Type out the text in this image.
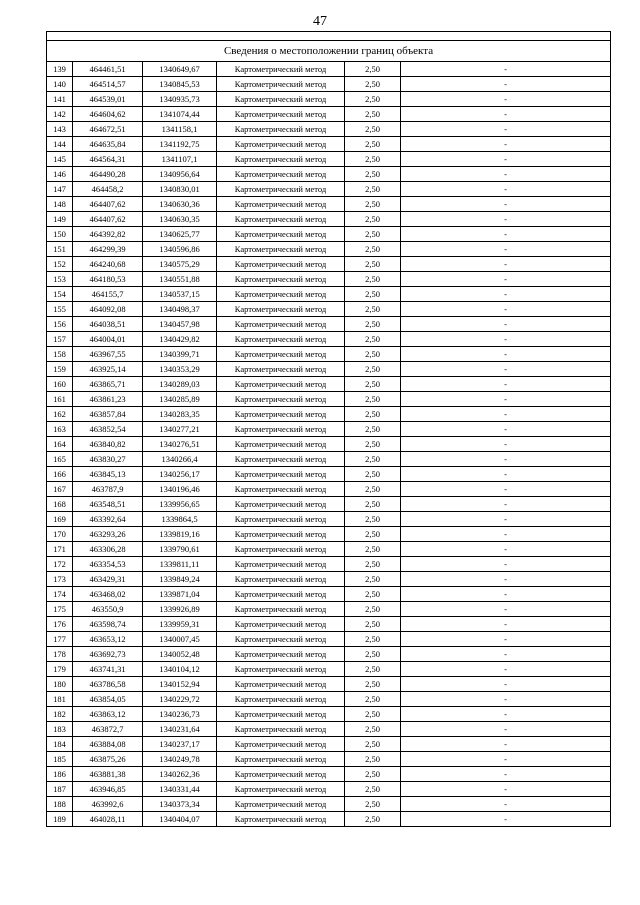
47

Сведения о местоположении границ объекта					
139	464461,51	1340649,67	Картометрический метод	2,50	-
140	464514,57	1340845,53	Картометрический метод	2,50	-
141	464539,01	1340935,73	Картометрический метод	2,50	-
142	464604,62	1341074,44	Картометрический метод	2,50	-
143	464672,51	1341158,1	Картометрический метод	2,50	-
144	464635,84	1341192,75	Картометрический метод	2,50	-
145	464564,31	1341107,1	Картометрический метод	2,50	-
146	464490,28	1340956,64	Картометрический метод	2,50	-
147	464458,2	1340830,01	Картометрический метод	2,50	-
148	464407,62	1340630,36	Картометрический метод	2,50	-
149	464407,62	1340630,35	Картометрический метод	2,50	-
150	464392,82	1340625,77	Картометрический метод	2,50	-
151	464299,39	1340596,86	Картометрический метод	2,50	-
152	464240,68	1340575,29	Картометрический метод	2,50	-
153	464180,53	1340551,88	Картометрический метод	2,50	-
154	464155,7	1340537,15	Картометрический метод	2,50	-
155	464092,08	1340498,37	Картометрический метод	2,50	-
156	464038,51	1340457,98	Картометрический метод	2,50	-
157	464004,01	1340429,82	Картометрический метод	2,50	-
158	463967,55	1340399,71	Картометрический метод	2,50	-
159	463925,14	1340353,29	Картометрический метод	2,50	-
160	463865,71	1340289,03	Картометрический метод	2,50	-
161	463861,23	1340285,89	Картометрический метод	2,50	-
162	463857,84	1340283,35	Картометрический метод	2,50	-
163	463852,54	1340277,21	Картометрический метод	2,50	-
164	463840,82	1340276,51	Картометрический метод	2,50	-
165	463830,27	1340266,4	Картометрический метод	2,50	-
166	463845,13	1340256,17	Картометрический метод	2,50	-
167	463787,9	1340196,46	Картометрический метод	2,50	-
168	463548,51	1339956,65	Картометрический метод	2,50	-
169	463392,64	1339864,5	Картометрический метод	2,50	-
170	463293,26	1339819,16	Картометрический метод	2,50	-
171	463306,28	1339790,61	Картометрический метод	2,50	-
172	463354,53	1339811,11	Картометрический метод	2,50	-
173	463429,31	1339849,24	Картометрический метод	2,50	-
174	463468,02	1339871,04	Картометрический метод	2,50	-
175	463550,9	1339926,89	Картометрический метод	2,50	-
176	463598,74	1339959,31	Картометрический метод	2,50	-
177	463653,12	1340007,45	Картометрический метод	2,50	-
178	463692,73	1340052,48	Картометрический метод	2,50	-
179	463741,31	1340104,12	Картометрический метод	2,50	-
180	463786,58	1340152,94	Картометрический метод	2,50	-
181	463854,05	1340229,72	Картометрический метод	2,50	-
182	463863,12	1340236,73	Картометрический метод	2,50	-
183	463872,7	1340231,64	Картометрический метод	2,50	-
184	463884,08	1340237,17	Картометрический метод	2,50	-
185	463875,26	1340249,78	Картометрический метод	2,50	-
186	463881,38	1340262,36	Картометрический метод	2,50	-
187	463946,85	1340331,44	Картометрический метод	2,50	-
188	463992,6	1340373,34	Картометрический метод	2,50	-
189	464028,11	1340404,07	Картометрический метод	2,50	-
